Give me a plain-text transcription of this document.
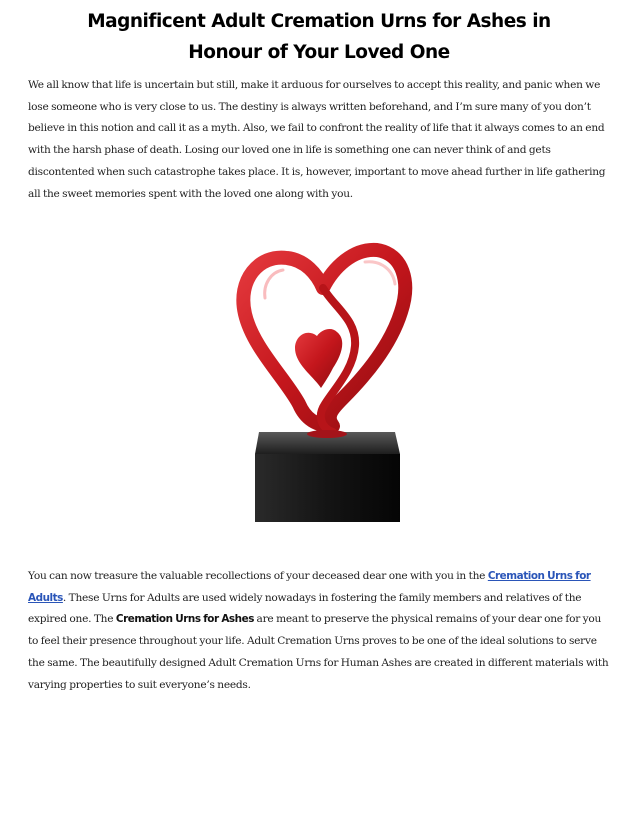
Magnificent Adult Cremation Urns for Ashes in
Honour of Your Loved One
We all know that life is uncertain but still, make it arduous for ourselves to accept this reality, and panic when we lose someone who is very close to us. The destiny is always written beforehand, and I’m sure many of you don’t believe in this notion and call it as a myth. Also, we fail to confront the reality of life that it always comes to an end with the harsh phase of death. Losing our loved one in life is something one can never think of and gets discontented when such catastrophe takes place. It is, however, important to move ahead further in life gathering all the sweet memories spent with the loved one along with you.
You can now treasure the valuable recollections of your deceased dear one with you in the Cremation Urns for Adults. These Urns for Adults are used widely nowadays in fostering the family members and relatives of the expired one. The Cremation Urns for Ashes are meant to preserve the physical remains of your dear one for you to feel their presence throughout your life. Adult Cremation Urns proves to be one of the ideal solutions to serve the same. The beautifully designed Adult Cremation Urns for Human Ashes are created in different materials with varying properties to suit everyone’s needs.
